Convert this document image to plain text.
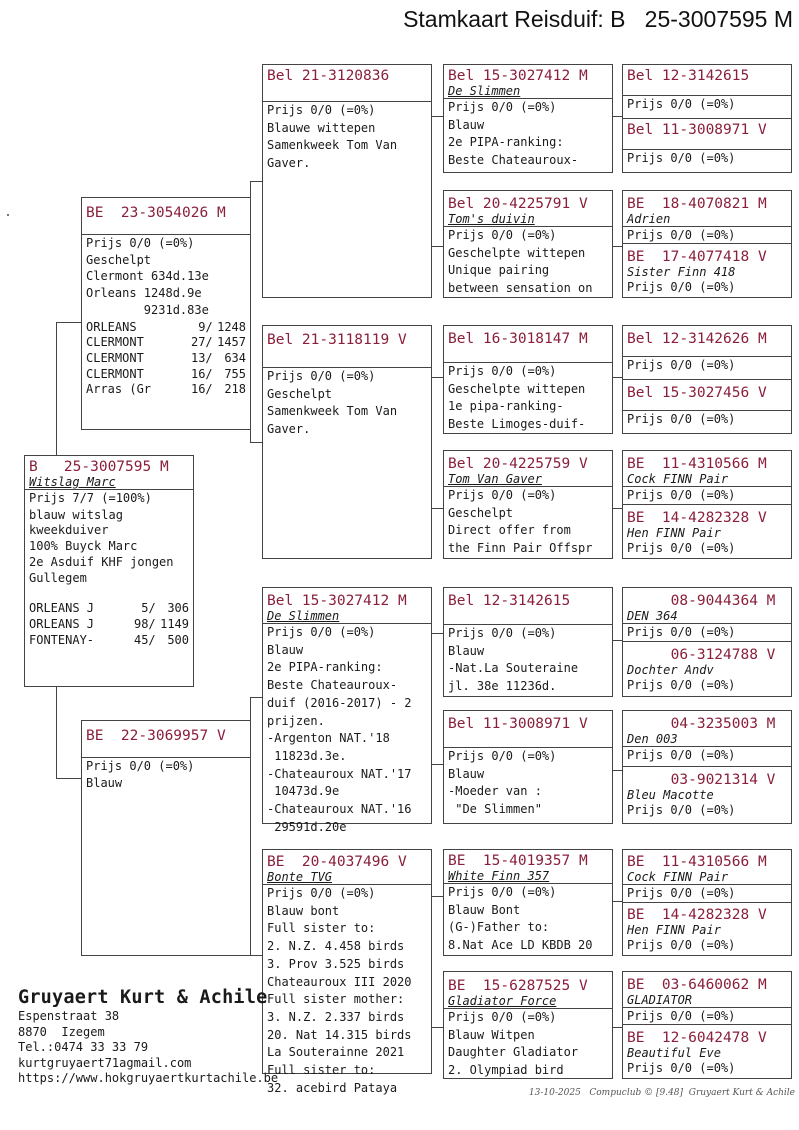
Stamkaart Reisduif: B   25-3007595 M
B   25-3007595 M
Witslag Marc
Prijs 7/7 (=100%)
blauw witslag
kweekduiver
100% Buyck Marc
2e Asduif KHF jongen
Gullegem
ORLEANS J	5/ 306
ORLEANS J	98/ 1149
FONTENAY-	45/ 500
BE  23-3054026 M
Prijs 0/0 (=0%)
Geschelpt
Clermont 634d.13e
Orleans 1248d.9e
9231d.83e
ORLEANS	9/ 1248
CLERMONT	27/ 1457
CLERMONT	13/ 634
CLERMONT	16/ 755
Arras (Gr	16/ 218
BE  22-3069957 V
Prijs 0/0 (=0%)
Blauw
Bel 21-3120836
Prijs 0/0 (=0%)
Blauwe wittepen
Samenkweek Tom Van
Gaver.
Bel 21-3118119 V
Prijs 0/0 (=0%)
Geschelpt
Samenkweek Tom Van
Gaver.
Bel 15-3027412 M
De Slimmen
Prijs 0/0 (=0%)
Blauw
2e PIPA-ranking:
Beste Chateauroux-
duif (2016-2017) - 2
prijzen.
-Argenton NAT.'18
11823d.3e.
-Chateauroux NAT.'17
10473d.9e
-Chateauroux NAT.'16
29591d.20e
BE  20-4037496 V
Bonte TVG
Prijs 0/0 (=0%)
Blauw bont
Full sister to:
2. N.Z. 4.458 birds
3. Prov 3.525 birds
Chateauroux III 2020
Full sister mother:
3. N.Z. 2.337 birds
20. Nat 14.315 birds
La Souterainne 2021
Full sister to:
32. acebird Pataya
Bel 15-3027412 M
De Slimmen
Prijs 0/0 (=0%)
Blauw
2e PIPA-ranking:
Beste Chateauroux-
Bel 20-4225791 V
Tom's duivin
Prijs 0/0 (=0%)
Geschelpte wittepen
Unique pairing
between sensation on
Bel 16-3018147 M
Prijs 0/0 (=0%)
Geschelpte wittepen
1e pipa-ranking-
Beste Limoges-duif-
Bel 20-4225759 V
Tom Van Gaver
Prijs 0/0 (=0%)
Geschelpt
Direct offer from
the Finn Pair Offspr
Bel 12-3142615
Prijs 0/0 (=0%)
Blauw
-Nat.La Souteraine
jl. 38e 11236d.
Bel 11-3008971 V
Prijs 0/0 (=0%)
Blauw
-Moeder van :
"De Slimmen"
BE  15-4019357 M
White Finn 357
Prijs 0/0 (=0%)
Blauw Bont
(G-)Father to:
8.Nat Ace LD KBDB 20
BE  15-6287525 V
Gladiator Force
Prijs 0/0 (=0%)
Blauw Witpen
Daughter Gladiator
2. Olympiad bird
Bel 12-3142615
Prijs 0/0 (=0%)
Bel 11-3008971 V
Prijs 0/0 (=0%)
BE  18-4070821 M
Adrien
Prijs 0/0 (=0%)
BE  17-4077418 V
Sister Finn 418
Prijs 0/0 (=0%)
Bel 12-3142626 M
Prijs 0/0 (=0%)
Bel 15-3027456 V
Prijs 0/0 (=0%)
BE  11-4310566 M
Cock FINN Pair
Prijs 0/0 (=0%)
BE  14-4282328 V
Hen FINN Pair
Prijs 0/0 (=0%)
08-9044364 M
DEN 364
Prijs 0/0 (=0%)
06-3124788 V
Dochter Andv
Prijs 0/0 (=0%)
04-3235003 M
Den 003
Prijs 0/0 (=0%)
03-9021314 V
Bleu Macotte
Prijs 0/0 (=0%)
BE  11-4310566 M
Cock FINN Pair
Prijs 0/0 (=0%)
BE  14-4282328 V
Hen FINN Pair
Prijs 0/0 (=0%)
BE  03-6460062 M
GLADIATOR
Prijs 0/0 (=0%)
BE  12-6042478 V
Beautiful Eve
Prijs 0/0 (=0%)
Gruyaert Kurt & Achile
Espenstraat 38
8870  Izegem
Tel.:0474 33 33 79
kurtgruyaert71agmail.com
https://www.hokgruyaertkurtachile.be
13-10-2025   Compuclub © [9.48]  Gruyaert Kurt & Achile
